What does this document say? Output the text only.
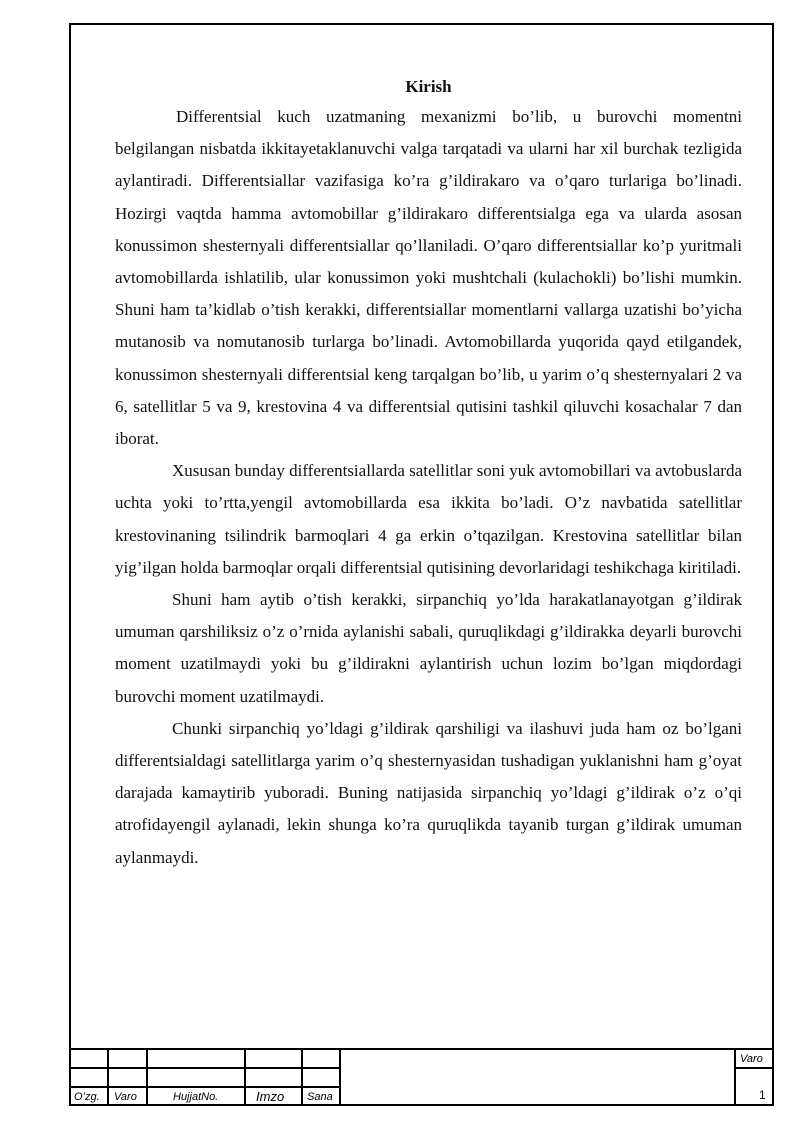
Kirish

Differentsial kuch uzatmaning mexanizmi bo’lib, u burovchi momentni belgilangan nisbatda ikkitayetaklanuvchi valga tarqatadi va ularni har xil burchak tezligida aylantiradi. Differentsiallar vazifasiga ko’ra g’ildirakaro va o’qaro turlariga bo’linadi. Hozirgi vaqtda hamma avtomobillar g’ildirakaro differentsialga ega va ularda asosan konussimon shesternyali differentsiallar qo’llaniladi. O’qaro differentsiallar ko’p yuritmali avtomobillarda ishlatilib, ular konussimon yoki mushtchali (kulachokli) bo’lishi mumkin. Shuni ham ta’kidlab o’tish kerakki, differentsiallar momentlarni vallarga uzatishi bo’yicha mutanosib va nomutanosib turlarga bo’linadi. Avtomobillarda yuqorida qayd etilgandek, konussimon shesternyali differentsial keng tarqalgan bo’lib, u yarim o’q shesternyalari 2 va 6, satellitlar 5 va 9, krestovina 4 va differentsial qutisini tashkil qiluvchi kosachalar 7 dan iborat.

Xususan bunday differentsiallarda satellitlar soni yuk avtomobillari va avtobuslarda uchta yoki to’rtta,yengil avtomobillarda esa ikkita bo’ladi. O’z navbatida satellitlar krestovinaning tsilindrik barmoqlari 4 ga erkin o’tqazilgan. Krestovina satellitlar bilan yig’ilgan holda barmoqlar orqali differentsial qutisining devorlaridagi teshikchaga kiritiladi.

Shuni ham aytib o’tish kerakki, sirpanchiq yo’lda harakatlanayotgan g’ildirak umuman qarshiliksiz o’z o’rnida aylanishi sabali, quruqlikdagi g’ildirakka deyarli burovchi moment uzatilmaydi yoki bu g’ildirakni aylantirish uchun lozim bo’lgan miqdordagi burovchi moment uzatilmaydi.

Chunki sirpanchiq yo’ldagi g’ildirak qarshiligi va ilashuvi juda ham oz bo’lgani differentsialdagi satellitlarga yarim o’q shesternyasidan tushadigan yuklanishni ham g’oyat darajada kamaytirib yuboradi. Buning natijasida sirpanchiq yo’ldagi g’ildirak o’z o’qi atrofidayengil aylanadi, lekin shunga ko’ra quruqlikda tayanib turgan g’ildirak umuman aylanmaydi.

O’zg. Varo	HujjatNo.	Imzo Sana
Varo
1
